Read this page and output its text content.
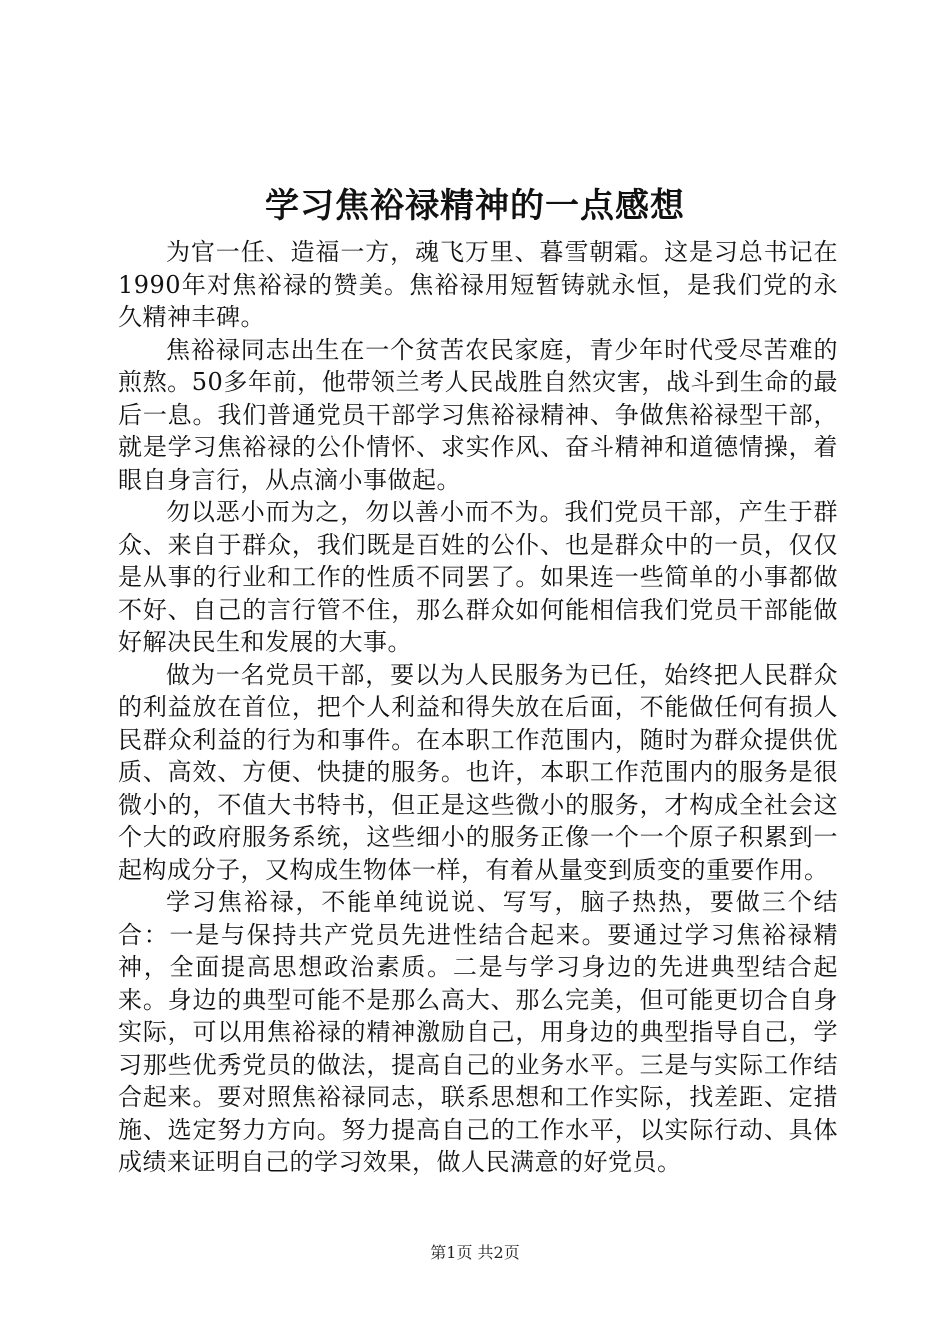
学习焦裕禄精神的一点感想

为官一任、造福一方，魂飞万里、暮雪朝霜。这是习总书记在1990年对焦裕禄的赞美。焦裕禄用短暂铸就永恒，是我们党的永久精神丰碑。

焦裕禄同志出生在一个贫苦农民家庭，青少年时代受尽苦难的煎熬。50多年前，他带领兰考人民战胜自然灾害，战斗到生命的最后一息。我们普通党员干部学习焦裕禄精神、争做焦裕禄型干部，就是学习焦裕禄的公仆情怀、求实作风、奋斗精神和道德情操，着眼自身言行，从点滴小事做起。

勿以恶小而为之，勿以善小而不为。我们党员干部，产生于群众、来自于群众，我们既是百姓的公仆、也是群众中的一员，仅仅是从事的行业和工作的性质不同罢了。如果连一些简单的小事都做不好、自己的言行管不住，那么群众如何能相信我们党员干部能做好解决民生和发展的大事。

做为一名党员干部，要以为人民服务为已任，始终把人民群众的利益放在首位，把个人利益和得失放在后面，不能做任何有损人民群众利益的行为和事件。在本职工作范围内，随时为群众提供优质、高效、方便、快捷的服务。也许，本职工作范围内的服务是很微小的，不值大书特书，但正是这些微小的服务，才构成全社会这个大的政府服务系统，这些细小的服务正像一个一个原子积累到一起构成分子，又构成生物体一样，有着从量变到质变的重要作用。

学习焦裕禄，不能单纯说说、写写，脑子热热，要做三个结合：一是与保持共产党员先进性结合起来。要通过学习焦裕禄精神，全面提高思想政治素质。二是与学习身边的先进典型结合起来。身边的典型可能不是那么高大、那么完美，但可能更切合自身实际，可以用焦裕禄的精神激励自己，用身边的典型指导自己，学习那些优秀党员的做法，提高自己的业务水平。三是与实际工作结合起来。要对照焦裕禄同志，联系思想和工作实际，找差距、定措施、选定努力方向。努力提高自己的工作水平，以实际行动、具体成绩来证明自己的学习效果，做人民满意的好党员。

第1页 共2页
